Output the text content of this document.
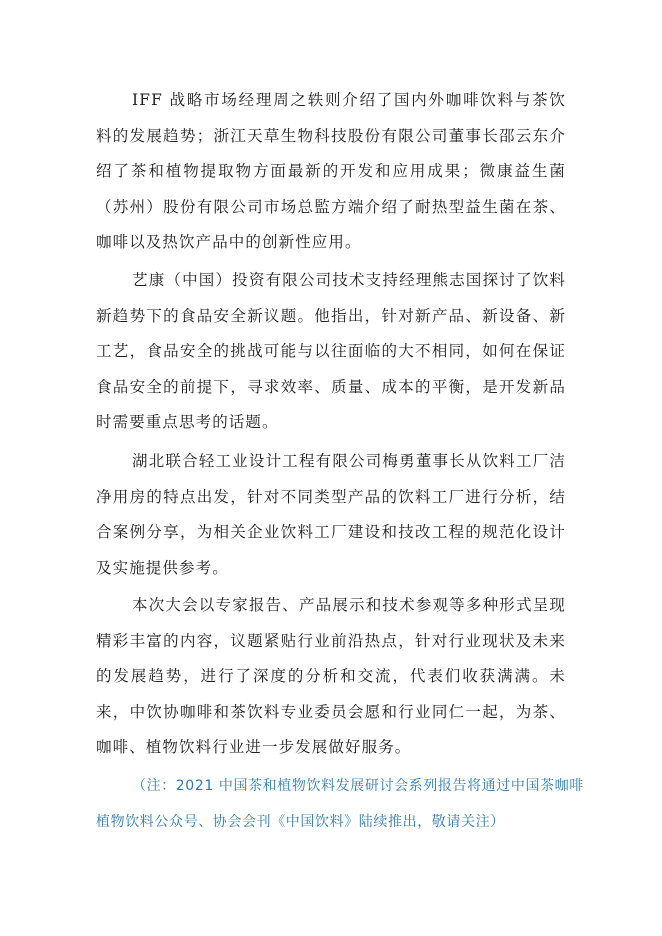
IFF 战略市场经理周之轶则介绍了国内外咖啡饮料与茶饮料的发展趋势；浙江天草生物科技股份有限公司董事长邵云东介绍了茶和植物提取物方面最新的开发和应用成果；微康益生菌（苏州）股份有限公司市场总監方端介绍了耐热型益生菌在茶、咖啡以及热饮产品中的创新性应用。

艺康（中国）投资有限公司技术支持经理熊志国探讨了饮料新趋势下的食品安全新议题。他指出，针对新产品、新设备、新工艺，食品安全的挑战可能与以往面临的大不相同，如何在保证食品安全的前提下，寻求效率、质量、成本的平衡，是开发新品时需要重点思考的话题。

湖北联合轻工业设计工程有限公司梅勇董事长从饮料工厂洁净用房的特点出发，针对不同类型产品的饮料工厂进行分析，结合案例分享，为相关企业饮料工厂建设和技改工程的规范化设计及实施提供参考。

本次大会以专家报告、产品展示和技术参观等多种形式呈现精彩丰富的内容，议题紧贴行业前沿热点，针对行业现状及未来的发展趋势，进行了深度的分析和交流，代表们收获满满。未来，中饮协咖啡和茶饮料专业委员会愿和行业同仁一起，为茶、咖啡、植物饮料行业进一步发展做好服务。

（注：2021 中国茶和植物饮料发展研讨会系列报告将通过中国茶咖啡植物饮料公众号、协会会刊《中国饮料》陆续推出，敬请关注）
